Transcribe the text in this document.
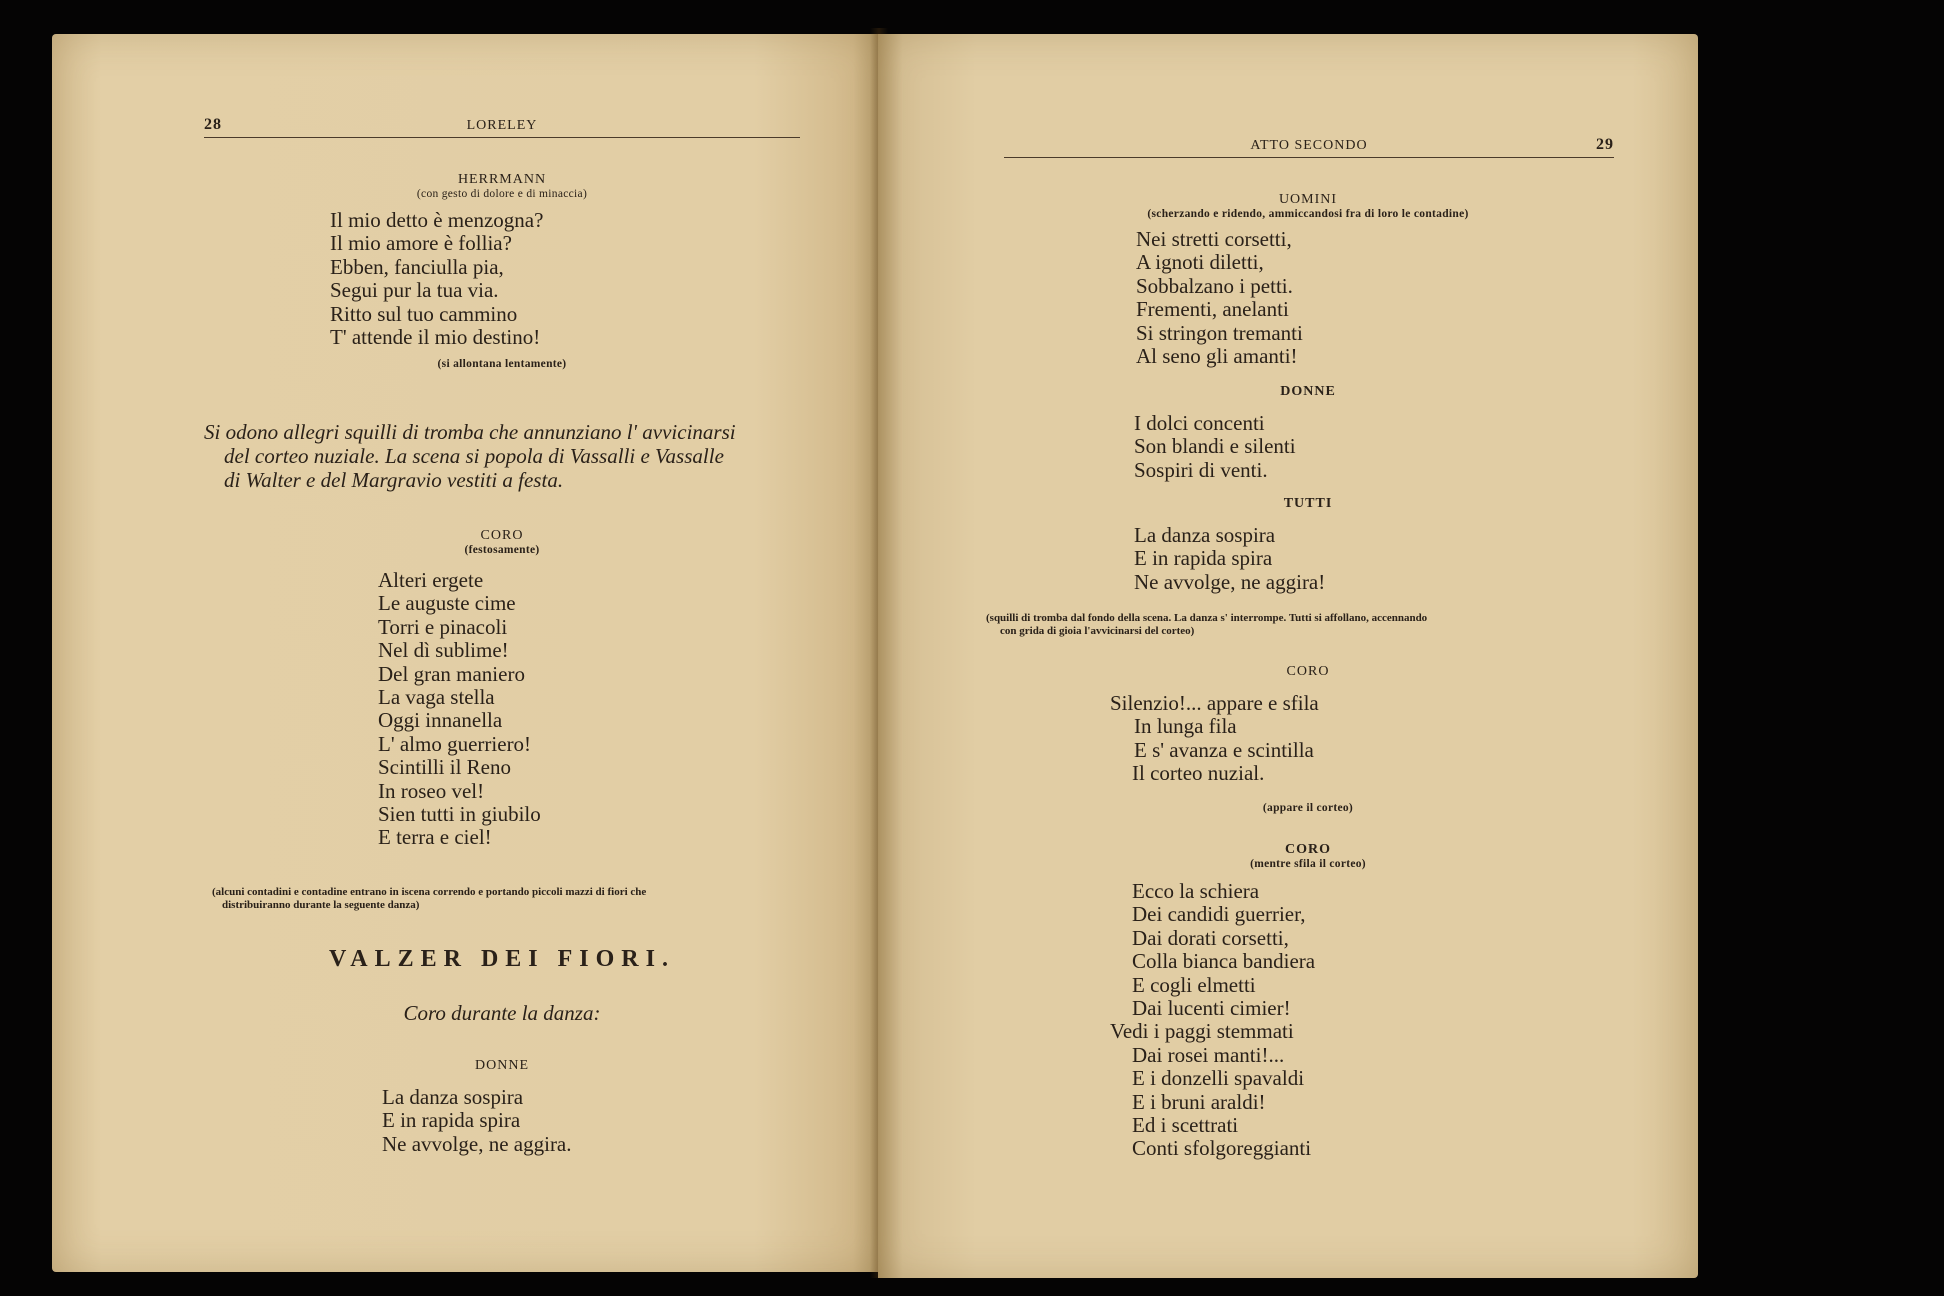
28	LORELEY
HERRMANN
(con gesto di dolore e di minaccia)
Il mio detto è menzogna?
Il mio amore è follia?
Ebben, fanciulla pia,
Segui pur la tua via.
Ritto sul tuo cammino
T' attende il mio destino!
(si allontana lentamente)
Si odono allegri squilli di tromba che annunziano l' avvicinarsi
del corteo nuziale. La scena si popola di Vassalli e Vassalle
di Walter e del Margravio vestiti a festa.
CORO
(festosamente)
Alteri ergete
Le auguste cime
Torri e pinacoli
Nel dì sublime!
Del gran maniero
La vaga stella
Oggi innanella
L' almo guerriero!
Scintilli il Reno
In roseo vel!
Sien tutti in giubilo
E terra e ciel!
(alcuni contadini e contadine entrano in iscena correndo e portando piccoli mazzi di fiori che
distribuiranno durante la seguente danza)
VALZER DEI FIORI.
Coro durante la danza:
DONNE
La danza sospira
E in rapida spira
Ne avvolge, ne aggira.
ATTO SECONDO	29
UOMINI
(scherzando e ridendo, ammiccandosi fra di loro le contadine)
Nei stretti corsetti,
A ignoti diletti,
Sobbalzano i petti.
Frementi, anelanti
Si stringon tremanti
Al seno gli amanti!
DONNE
I dolci concenti
Son blandi e silenti
Sospiri di venti.
TUTTI
La danza sospira
E in rapida spira
Ne avvolge, ne aggira!
(squilli di tromba dal fondo della scena. La danza s' interrompe. Tutti si affollano, accennando
con grida di gioia l'avvicinarsi del corteo)
CORO
Silenzio!... appare e sfila
In lunga fila
E s' avanza e scintilla
Il corteo nuzial.
(appare il corteo)
CORO
(mentre sfila il corteo)
Ecco la schiera
Dei candidi guerrier,
Dai dorati corsetti,
Colla bianca bandiera
E cogli elmetti
Dai lucenti cimier!
Vedi i paggi stemmati
Dai rosei manti!...
E i donzelli spavaldi
E i bruni araldi!
Ed i scettrati
Conti sfolgoreggianti
